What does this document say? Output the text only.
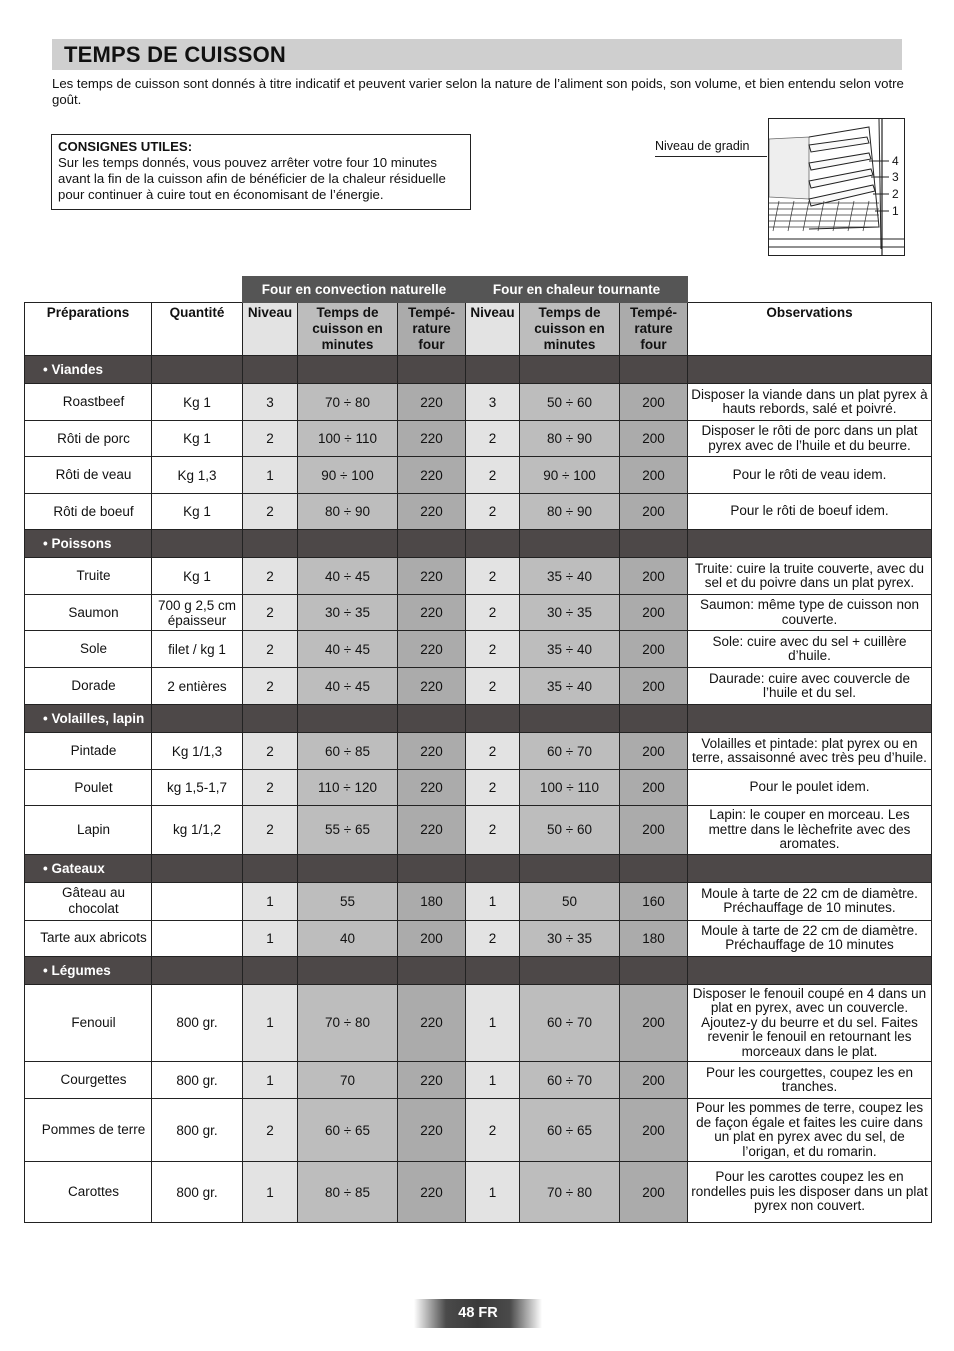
TEMPS DE CUISSON

Les temps de cuisson sont donnés à titre indicatif et peuvent varier selon la nature de l’aliment son poids, son volume, et bien entendu selon votre goût.

CONSIGNES UTILES:
Sur les temps donnés, vous pouvez arrêter votre four 10 minutes avant la fin de la cuisson afin de bénéficier de la chaleur résiduelle pour continuer à cuire tout en économisant de l’énergie.
Niveau de gradin
4
3
2
1
		Four en convection naturelle			Four en chaleur tournante			
Préparations	Quantité	Niveau	Temps de cuisson en minutes	Tempé- rature four	Niveau	Temps de cuisson en minutes	Tempé- rature four	Observations
• Viandes								
Roastbeef	Kg 1	3	70 ÷ 80	220	3	50 ÷ 60	200	Disposer la viande dans un plat pyrex à hauts rebords, salé et poivré.
Rôti de porc	Kg 1	2	100 ÷ 110	220	2	80 ÷ 90	200	Disposer le rôti de porc dans un plat pyrex avec de l’huile et du beurre.
Rôti de veau	Kg 1,3	1	90 ÷ 100	220	2	90 ÷ 100	200	Pour le rôti de veau idem.
Rôti de boeuf	Kg 1	2	80 ÷ 90	220	2	80 ÷ 90	200	Pour le rôti de boeuf idem.
• Poissons								
Truite	Kg 1	2	40 ÷ 45	220	2	35 ÷ 40	200	Truite: cuire la truite couverte, avec du sel et du poivre dans un plat pyrex.
Saumon	700 g 2,5 cm épaisseur	2	30 ÷ 35	220	2	30 ÷ 35	200	Saumon: même type de cuisson non couverte.
Sole	filet / kg 1	2	40 ÷ 45	220	2	35 ÷ 40	200	Sole: cuire avec du sel + cuillère d’huile.
Dorade	2 entières	2	40 ÷ 45	220	2	35 ÷ 40	200	Daurade: cuire avec couvercle de l’huile et du sel.
• Volailles, lapin								
Pintade	Kg 1/1,3	2	60 ÷ 85	220	2	60 ÷ 70	200	Volailles et pintade: plat pyrex ou en terre, assaisonné avec très peu d’huile.
Poulet	kg 1,5-1,7	2	110 ÷ 120	220	2	100 ÷ 110	200	Pour le poulet idem.
Lapin	kg 1/1,2	2	55 ÷ 65	220	2	50 ÷ 60	200	Lapin: le couper en morceau. Les mettre dans le lèchefrite avec des aromates.
• Gateaux								
Gâteau au chocolat		1	55	180	1	50	160	Moule à tarte de 22 cm de diamètre. Préchauffage de 10 minutes.
Tarte aux abricots		1	40	200	2	30 ÷ 35	180	Moule à tarte de 22 cm de diamètre. Préchauffage de 10 minutes
• Légumes								
Fenouil	800 gr.	1	70 ÷ 80	220	1	60 ÷ 70	200	Disposer le fenouil coupé en 4 dans un plat en pyrex, avec un couvercle. Ajoutez-y du beurre et du sel. Faites revenir le fenouil en retournant les morceaux dans le plat.
Courgettes	800 gr.	1	70	220	1	60 ÷ 70	200	Pour les courgettes, coupez les en tranches.
Pommes de terre	800 gr.	2	60 ÷ 65	220	2	60 ÷ 65	200	Pour les pommes de terre, coupez les de façon égale et faites les cuire dans un plat en pyrex avec du sel, de l’origan, et du romarin.
Carottes	800 gr.	1	80 ÷ 85	220	1	70 ÷ 80	200	Pour les carottes coupez les en rondelles puis les disposer dans un plat pyrex non couvert.
48 FR
